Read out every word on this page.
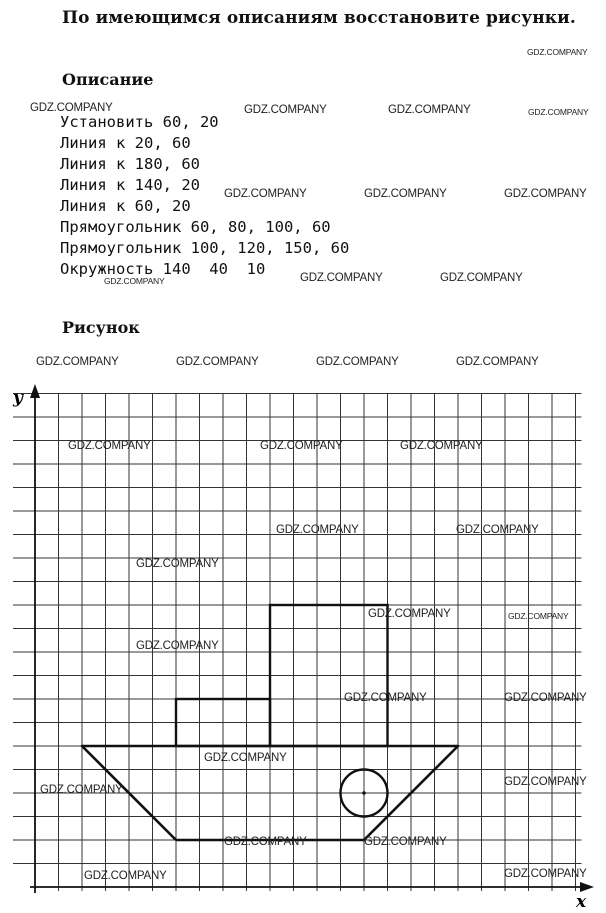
По имеющимся описаниям восстановите рисунки.
Описание
Установить 60, 20
Линия к 20, 60
Линия к 180, 60
Линия к 140, 20
Линия к 60, 20
Прямоугольник 60, 80, 100, 60
Прямоугольник 100, 120, 150, 60
Окружность 140  40  10
Рисунок
x
y
GDZ.COMPANY
GDZ.COMPANY	GDZ.COMPANY	GDZ.COMPANY	GDZ.COMPANY
GDZ.COMPANY	GDZ.COMPANY	GDZ.COMPANY
GDZ.COMPANY	GDZ.COMPANY	GDZ.COMPANY
GDZ.COMPANY	GDZ.COMPANY	GDZ.COMPANY	GDZ.COMPANY
GDZ.COMPANY	GDZ.COMPANY	GDZ.COMPANY
GDZ.COMPANY	GDZ.COMPANY
GDZ.COMPANY
GDZ.COMPANY	GDZ.COMPANY
GDZ.COMPANY
GDZ.COMPANY	GDZ.COMPANY
GDZ.COMPANY
GDZ.COMPANY
GDZ.COMPANY
GDZ.COMPANY	GDZ.COMPANY
GDZ.COMPANY	GDZ.COMPANY
